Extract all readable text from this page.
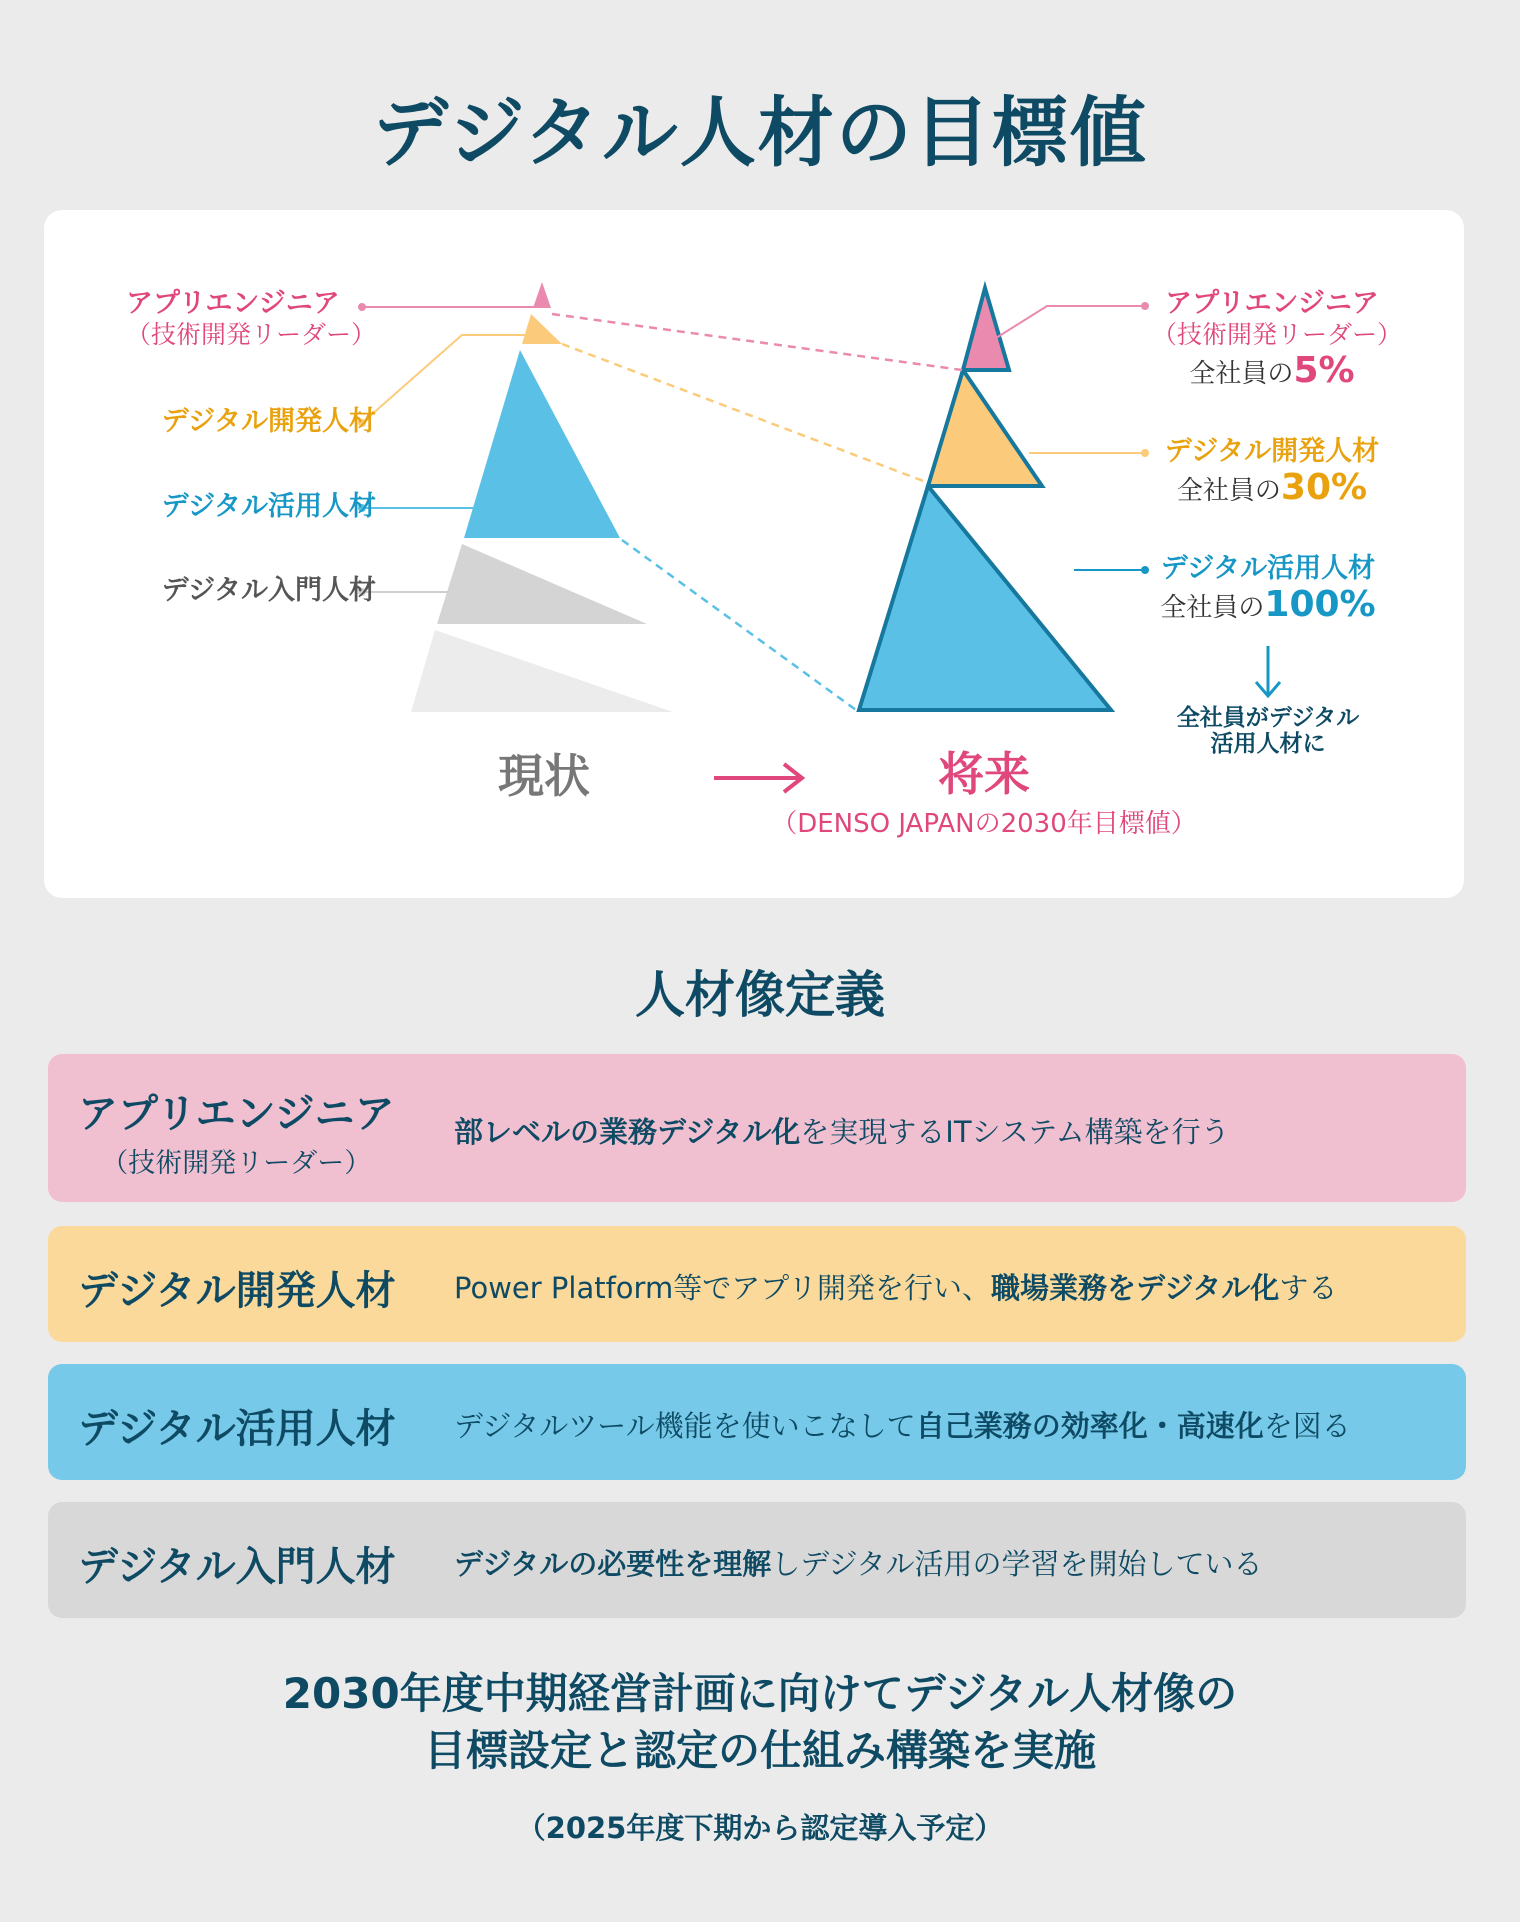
デジタル人材の目標値
アプリエンジニア
（技術開発リーダー）
デジタル開発人材
デジタル活用人材
デジタル入門人材
アプリエンジニア
（技術開発リーダー）
全社員の5%
デジタル開発人材
全社員の30%
デジタル活用人材
全社員の100%
全社員がデジタル
活用人材に
現状	将来
（DENSO JAPANの2030年目標値）
人材像定義
アプリエンジニア
（技術開発リーダー）
部レベルの業務デジタル化を実現するITシステム構築を行う
デジタル開発人材 Power Platform等でアプリ開発を行い、職場業務をデジタル化する
デジタル活用人材 デジタルツール機能を使いこなして自己業務の効率化・高速化を図る
デジタル入門人材 デジタルの必要性を理解しデジタル活用の学習を開始している
2030年度中期経営計画に向けてデジタル人材像の
目標設定と認定の仕組み構築を実施
（2025年度下期から認定導入予定）
